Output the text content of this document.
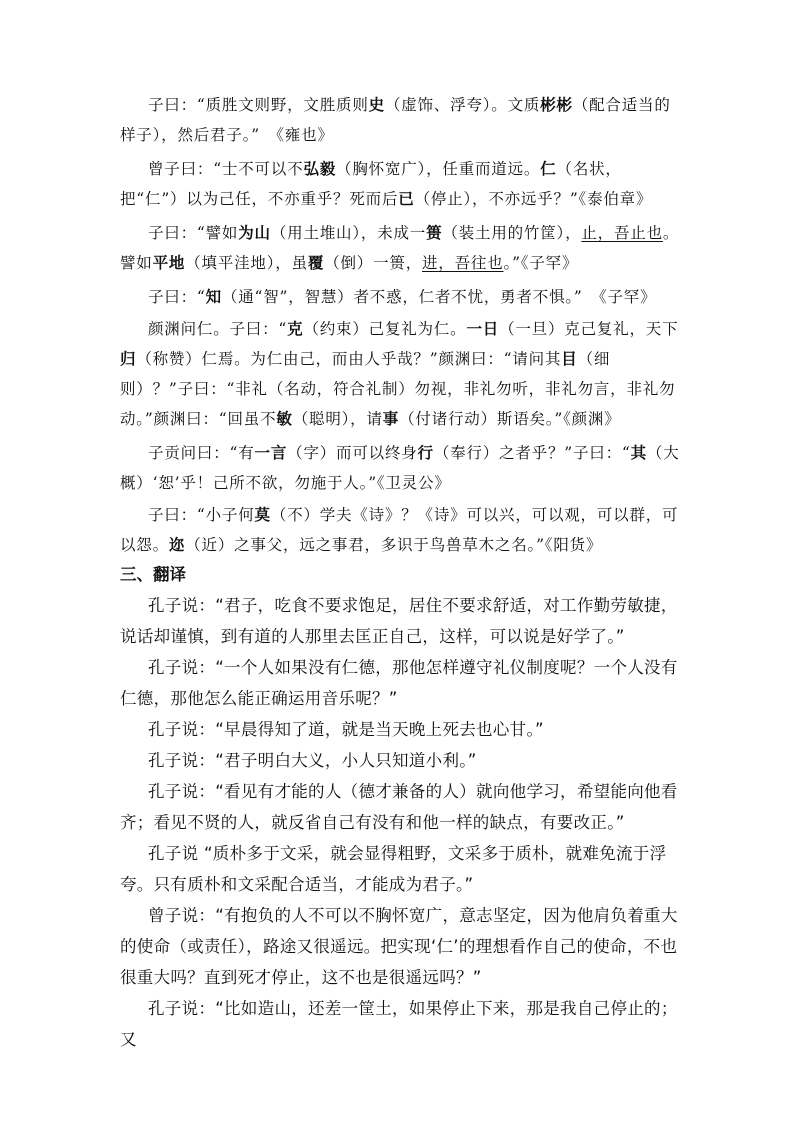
子曰：“质胜文则野，文胜质则史（虚饰、浮夸）。文质彬彬（配合适当的样子），然后君子。”　《雍也》
曾子曰：“士不可以不弘毅（胸怀宽广），任重而道远。仁（名状，把“仁”）以为己任，不亦重乎？死而后已（停止），不亦远乎？”《泰伯章》
子曰：“譬如为山（用土堆山），未成一篑（装土用的竹筐），止，吾止也。譬如平地（填平洼地），虽覆（倒）一篑，进，吾往也。”《子罕》
子曰：“知（通“智”，智慧）者不惑，仁者不忧，勇者不惧。”　《子罕》
颜渊问仁。子曰：“克（约束）己复礼为仁。一日（一旦）克己复礼，天下归（称赞）仁焉。为仁由己，而由人乎哉？”颜渊曰：“请问其目（细则）？”子曰：“非礼（名动，符合礼制）勿视，非礼勿听，非礼勿言，非礼勿动。”颜渊曰：“回虽不敏（聪明），请事（付诸行动）斯语矣。”《颜渊》
子贡问曰：“有一言（字）而可以终身行（奉行）之者乎？”子曰：“其（大概）‘恕’乎！己所不欲，勿施于人。”《卫灵公》
子曰：“小子何莫（不）学夫《诗》？《诗》可以兴，可以观，可以群，可以怨。迩（近）之事父，远之事君，多识于鸟兽草木之名。”《阳货》
三、翻译
孔子说：“君子，吃食不要求饱足，居住不要求舒适，对工作勤劳敏捷，说话却谨慎，到有道的人那里去匡正自己，这样，可以说是好学了。”
孔子说：“一个人如果没有仁德，那他怎样遵守礼仪制度呢？一个人没有仁德，那他怎么能正确运用音乐呢？”
孔子说：“早晨得知了道，就是当天晚上死去也心甘。”
孔子说：“君子明白大义，小人只知道小利。”
孔子说：“看见有才能的人（德才兼备的人）就向他学习，希望能向他看齐；看见不贤的人，就反省自己有没有和他一样的缺点，有要改正。”
孔子说 “质朴多于文采，就会显得粗野，文采多于质朴，就难免流于浮夸。只有质朴和文采配合适当，才能成为君子。”
曾子说：“有抱负的人不可以不胸怀宽广，意志坚定，因为他肩负着重大的使命（或责任），路途又很遥远。把实现‘仁’的理想看作自己的使命，不也很重大吗？直到死才停止，这不也是很遥远吗？”
孔子说：“比如造山，还差一筐土，如果停止下来，那是我自己停止的；又
